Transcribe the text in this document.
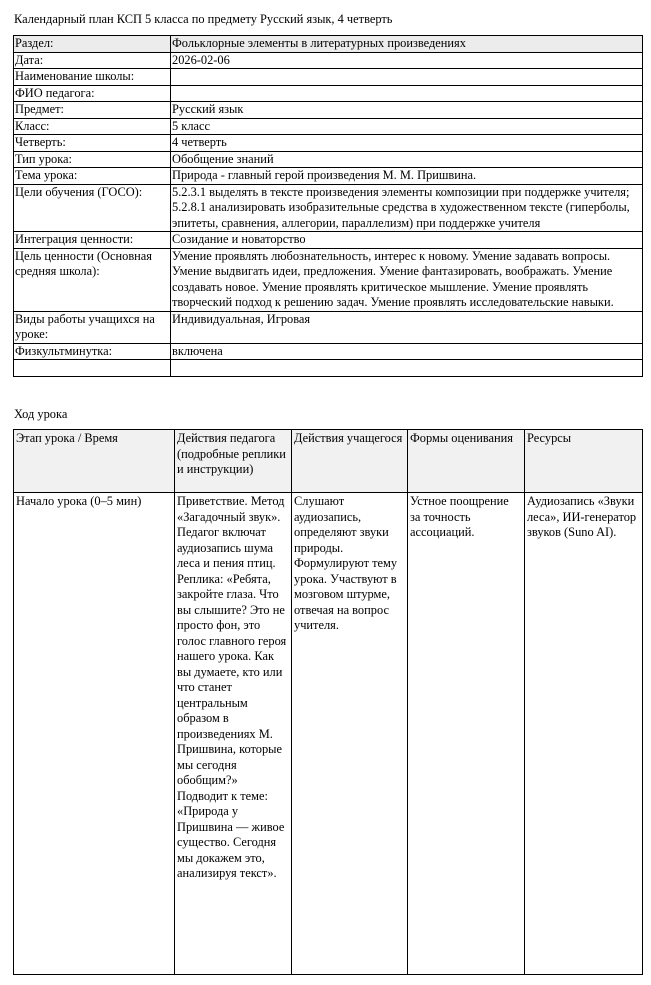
Календарный план КСП 5 класса по предмету Русский язык, 4 четверть
Раздел:	Фольклорные элементы в литературных произведениях
Дата:	2026-02-06
Наименование школы:	
ФИО педагога:	
Предмет:	Русский язык
Класс:	5 класс
Четверть:	4 четверть
Тип урока:	Обобщение знаний
Тема урока:	Природа - главный герой произведения М. М. Пришвина.
Цели обучения (ГОСО):	5.2.3.1 выделять в тексте произведения элементы композиции при поддержке учителя; 5.2.8.1 анализировать изобразительные средства в художественном тексте (гиперболы, эпитеты, сравнения, аллегории, параллелизм) при поддержке учителя
Интеграция ценности:	Созидание и новаторство
Цель ценности (Основная средняя школа):	Умение проявлять любознательность, интерес к новому. Умение задавать вопросы. Умение выдвигать идеи, предложения. Умение фантазировать, воображать. Умение создавать новое. Умение проявлять критическое мышление. Умение проявлять творческий подход к решению задач. Умение проявлять исследовательские навыки.
Виды работы учащихся на уроке:	Индивидуальная, Игровая
Физкультминутка:	включена

Ход урока
Этап урока / Время	Действия педагога (подробные реплики и инструкции)	Действия учащегося	Формы оценивания	Ресурсы
Начало урока (0–5 мин)	Приветствие. Метод «Загадочный звук». Педагог включат аудиозапись шума леса и пения птиц. Реплика: «Ребята, закройте глаза. Что вы слышите? Это не просто фон, это голос главного героя нашего урока. Как вы думаете, кто или что станет центральным образом в произведениях М. Пришвина, которые мы сегодня обобщим?» Подводит к теме: «Природа у Пришвина — живое существо. Сегодня мы докажем это, анализируя текст».	Слушают аудиозапись, определяют звуки природы. Формулируют тему урока. Участвуют в мозговом штурме, отвечая на вопрос учителя.	Устное поощрение за точность ассоциаций.	Аудиозапись «Звуки леса», ИИ-генератор звуков (Suno AI).
